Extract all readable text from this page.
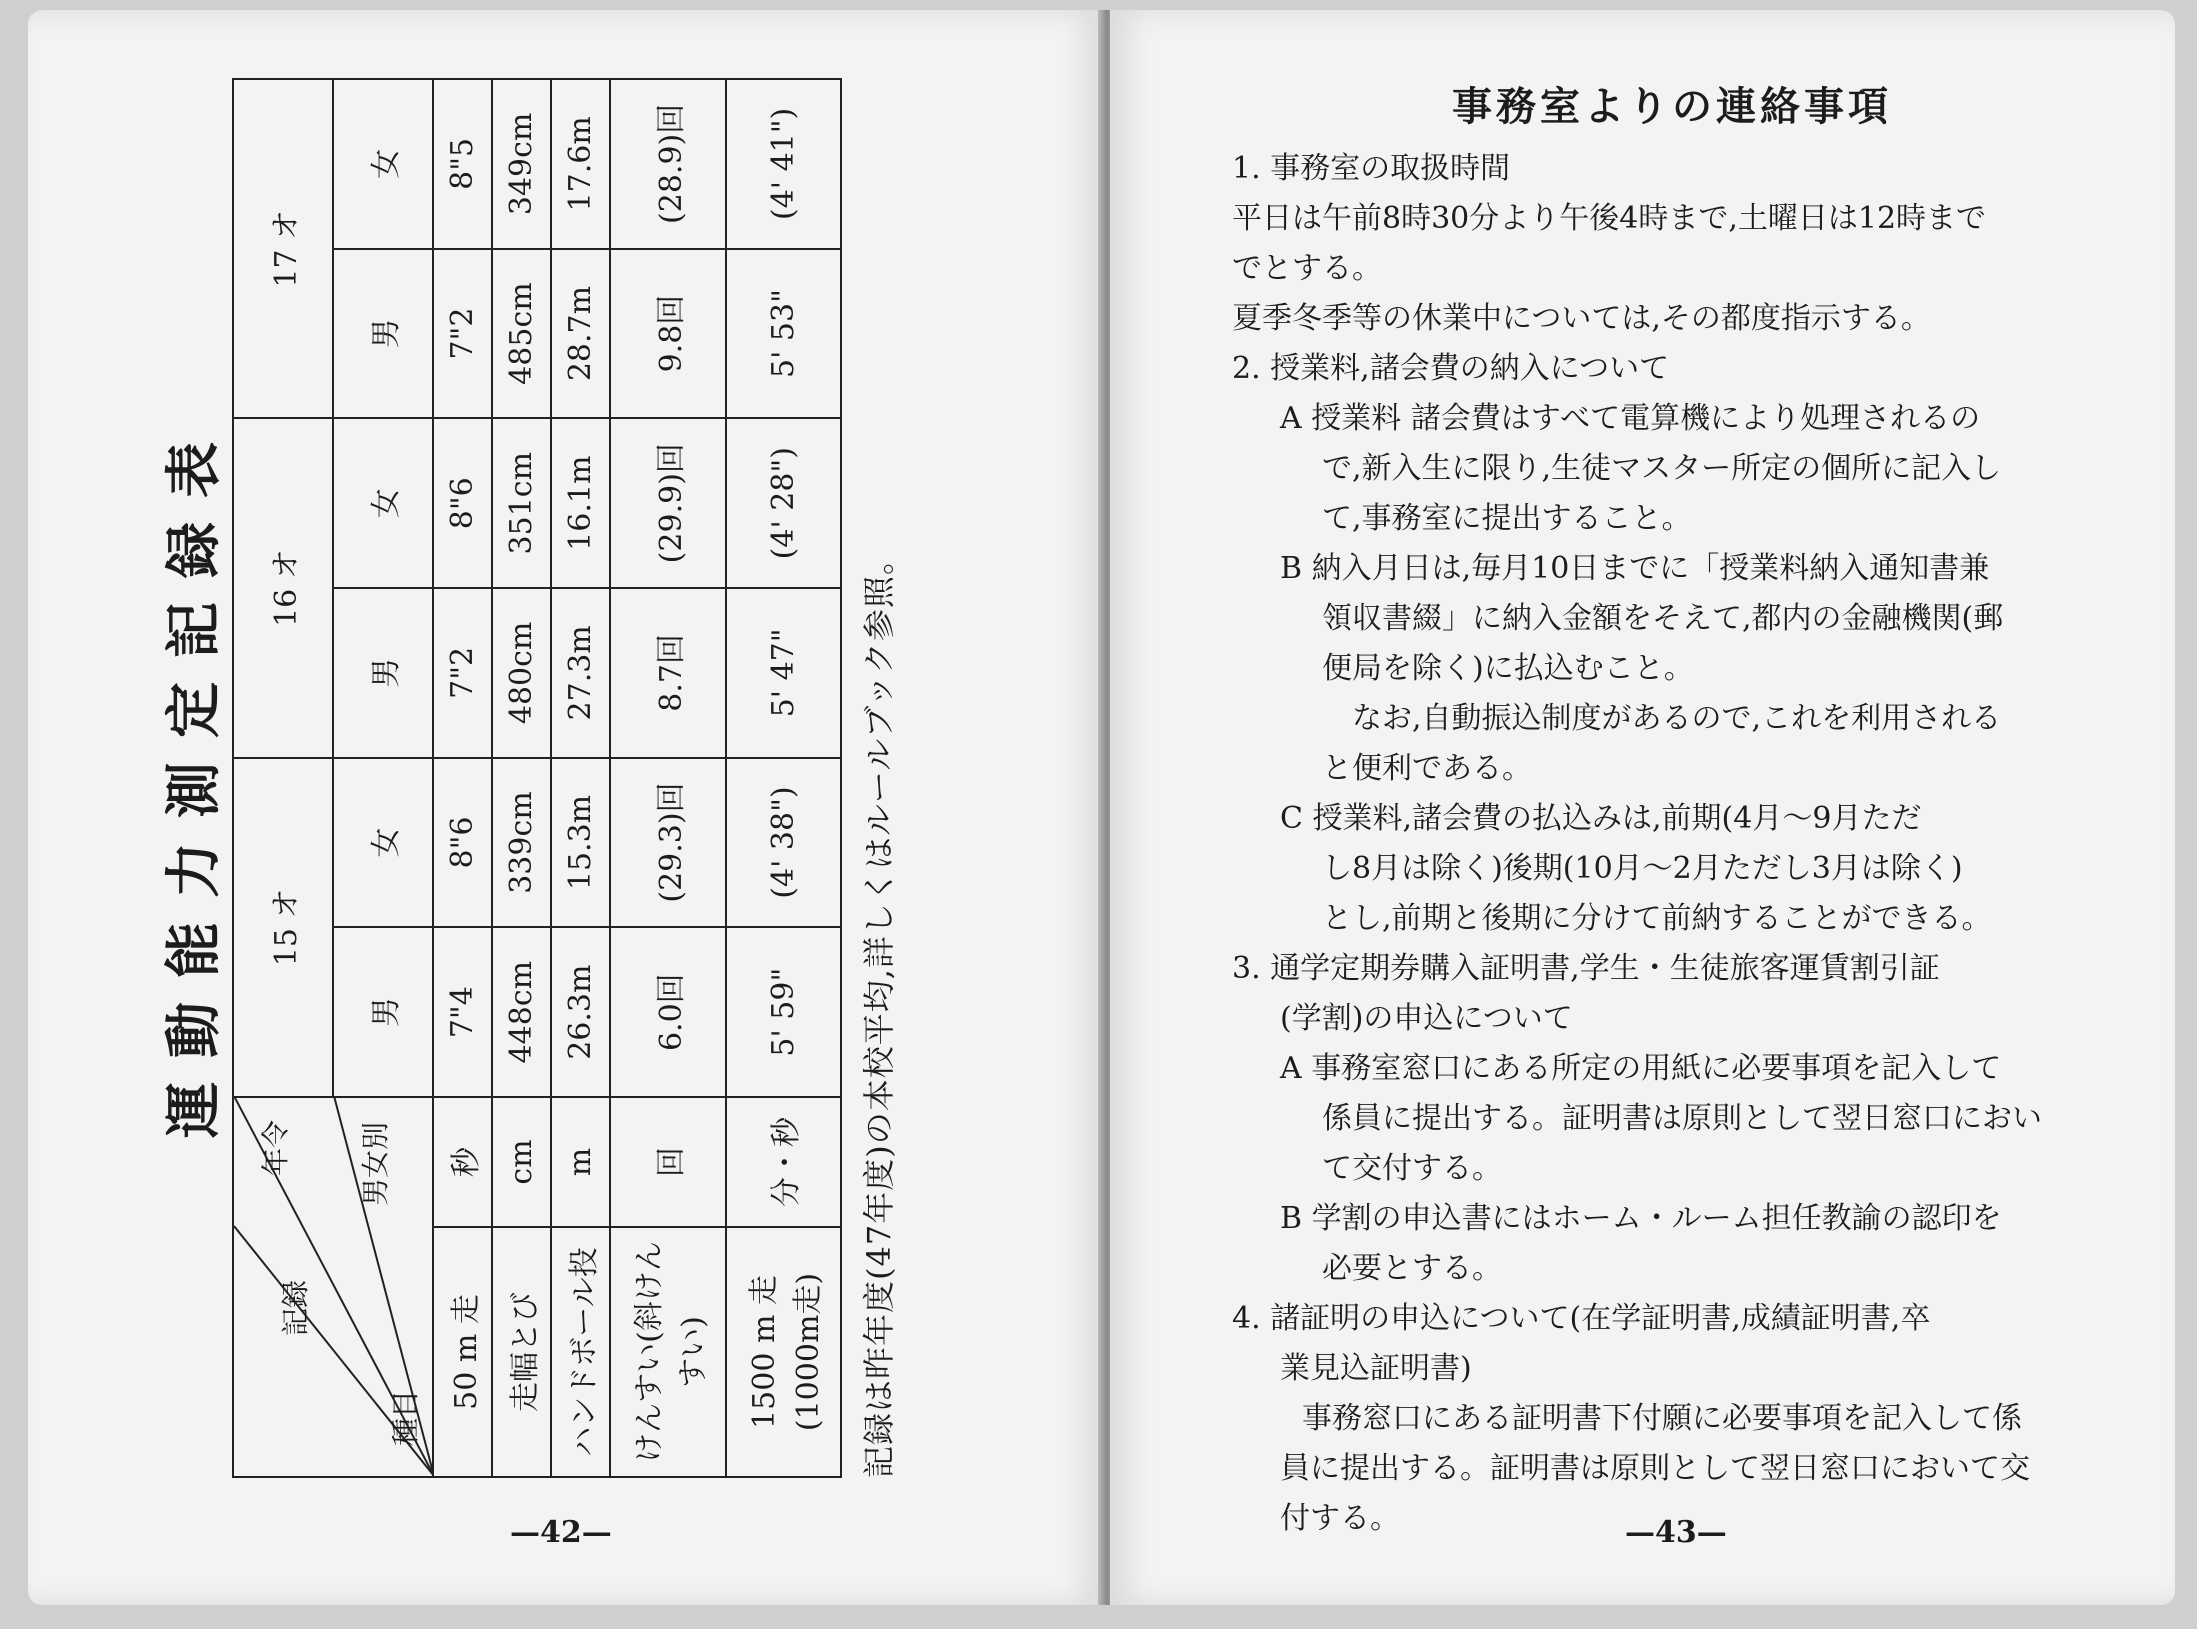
運動能力測定記録表
年令 男女別
記録
種目		15 オ		16 オ		17 オ	
		男	女	男	女	男	女
50 m 走	秒	7"4	8"6	7"2	8"6	7"2	8"5
走幅とび	cm	448cm	339cm	480cm	351cm	485cm	349cm
ハンドボール投	m	26.3m	15.3m	27.3m	16.1m	28.7m	17.6m
けんすい(斜けんすい)	回	6.0回	(29.3)回	8.7回	(29.9)回	9.8回	(28.9)回
1500 m 走(1000m走)	分・秒	5' 59"	(4' 38")	5' 47"	(4' 28")	5' 53"	(4' 41")
記録は昨年度(47年度)の本校平均,詳しくはルールブック参照。
—42—
事務室よりの連絡事項

1. 事務室の取扱時間

平日は午前8時30分より午後4時まで,土曜日は12時まで

でとする。

夏季冬季等の休業中については,その都度指示する。

2. 授業料,諸会費の納入について

A 授業料 諸会費はすべて電算機により処理されるの

で,新入生に限り,生徒マスター所定の個所に記入し

て,事務室に提出すること。

B 納入月日は,毎月10日までに「授業料納入通知書兼

領収書綴」に納入金額をそえて,都内の金融機関(郵

便局を除く)に払込むこと。

なお,自動振込制度があるので,これを利用される

と便利である。

C 授業料,諸会費の払込みは,前期(4月〜9月ただ

し8月は除く)後期(10月〜2月ただし3月は除く)

とし,前期と後期に分けて前納することができる。

3. 通学定期券購入証明書,学生・生徒旅客運賃割引証

(学割)の申込について

A 事務室窓口にある所定の用紙に必要事項を記入して

係員に提出する。証明書は原則として翌日窓口におい

て交付する。

B 学割の申込書にはホーム・ルーム担任教諭の認印を

必要とする。

4. 諸証明の申込について(在学証明書,成績証明書,卒

業見込証明書)

事務窓口にある証明書下付願に必要事項を記入して係

員に提出する。証明書は原則として翌日窓口において交

付する。	—43—
